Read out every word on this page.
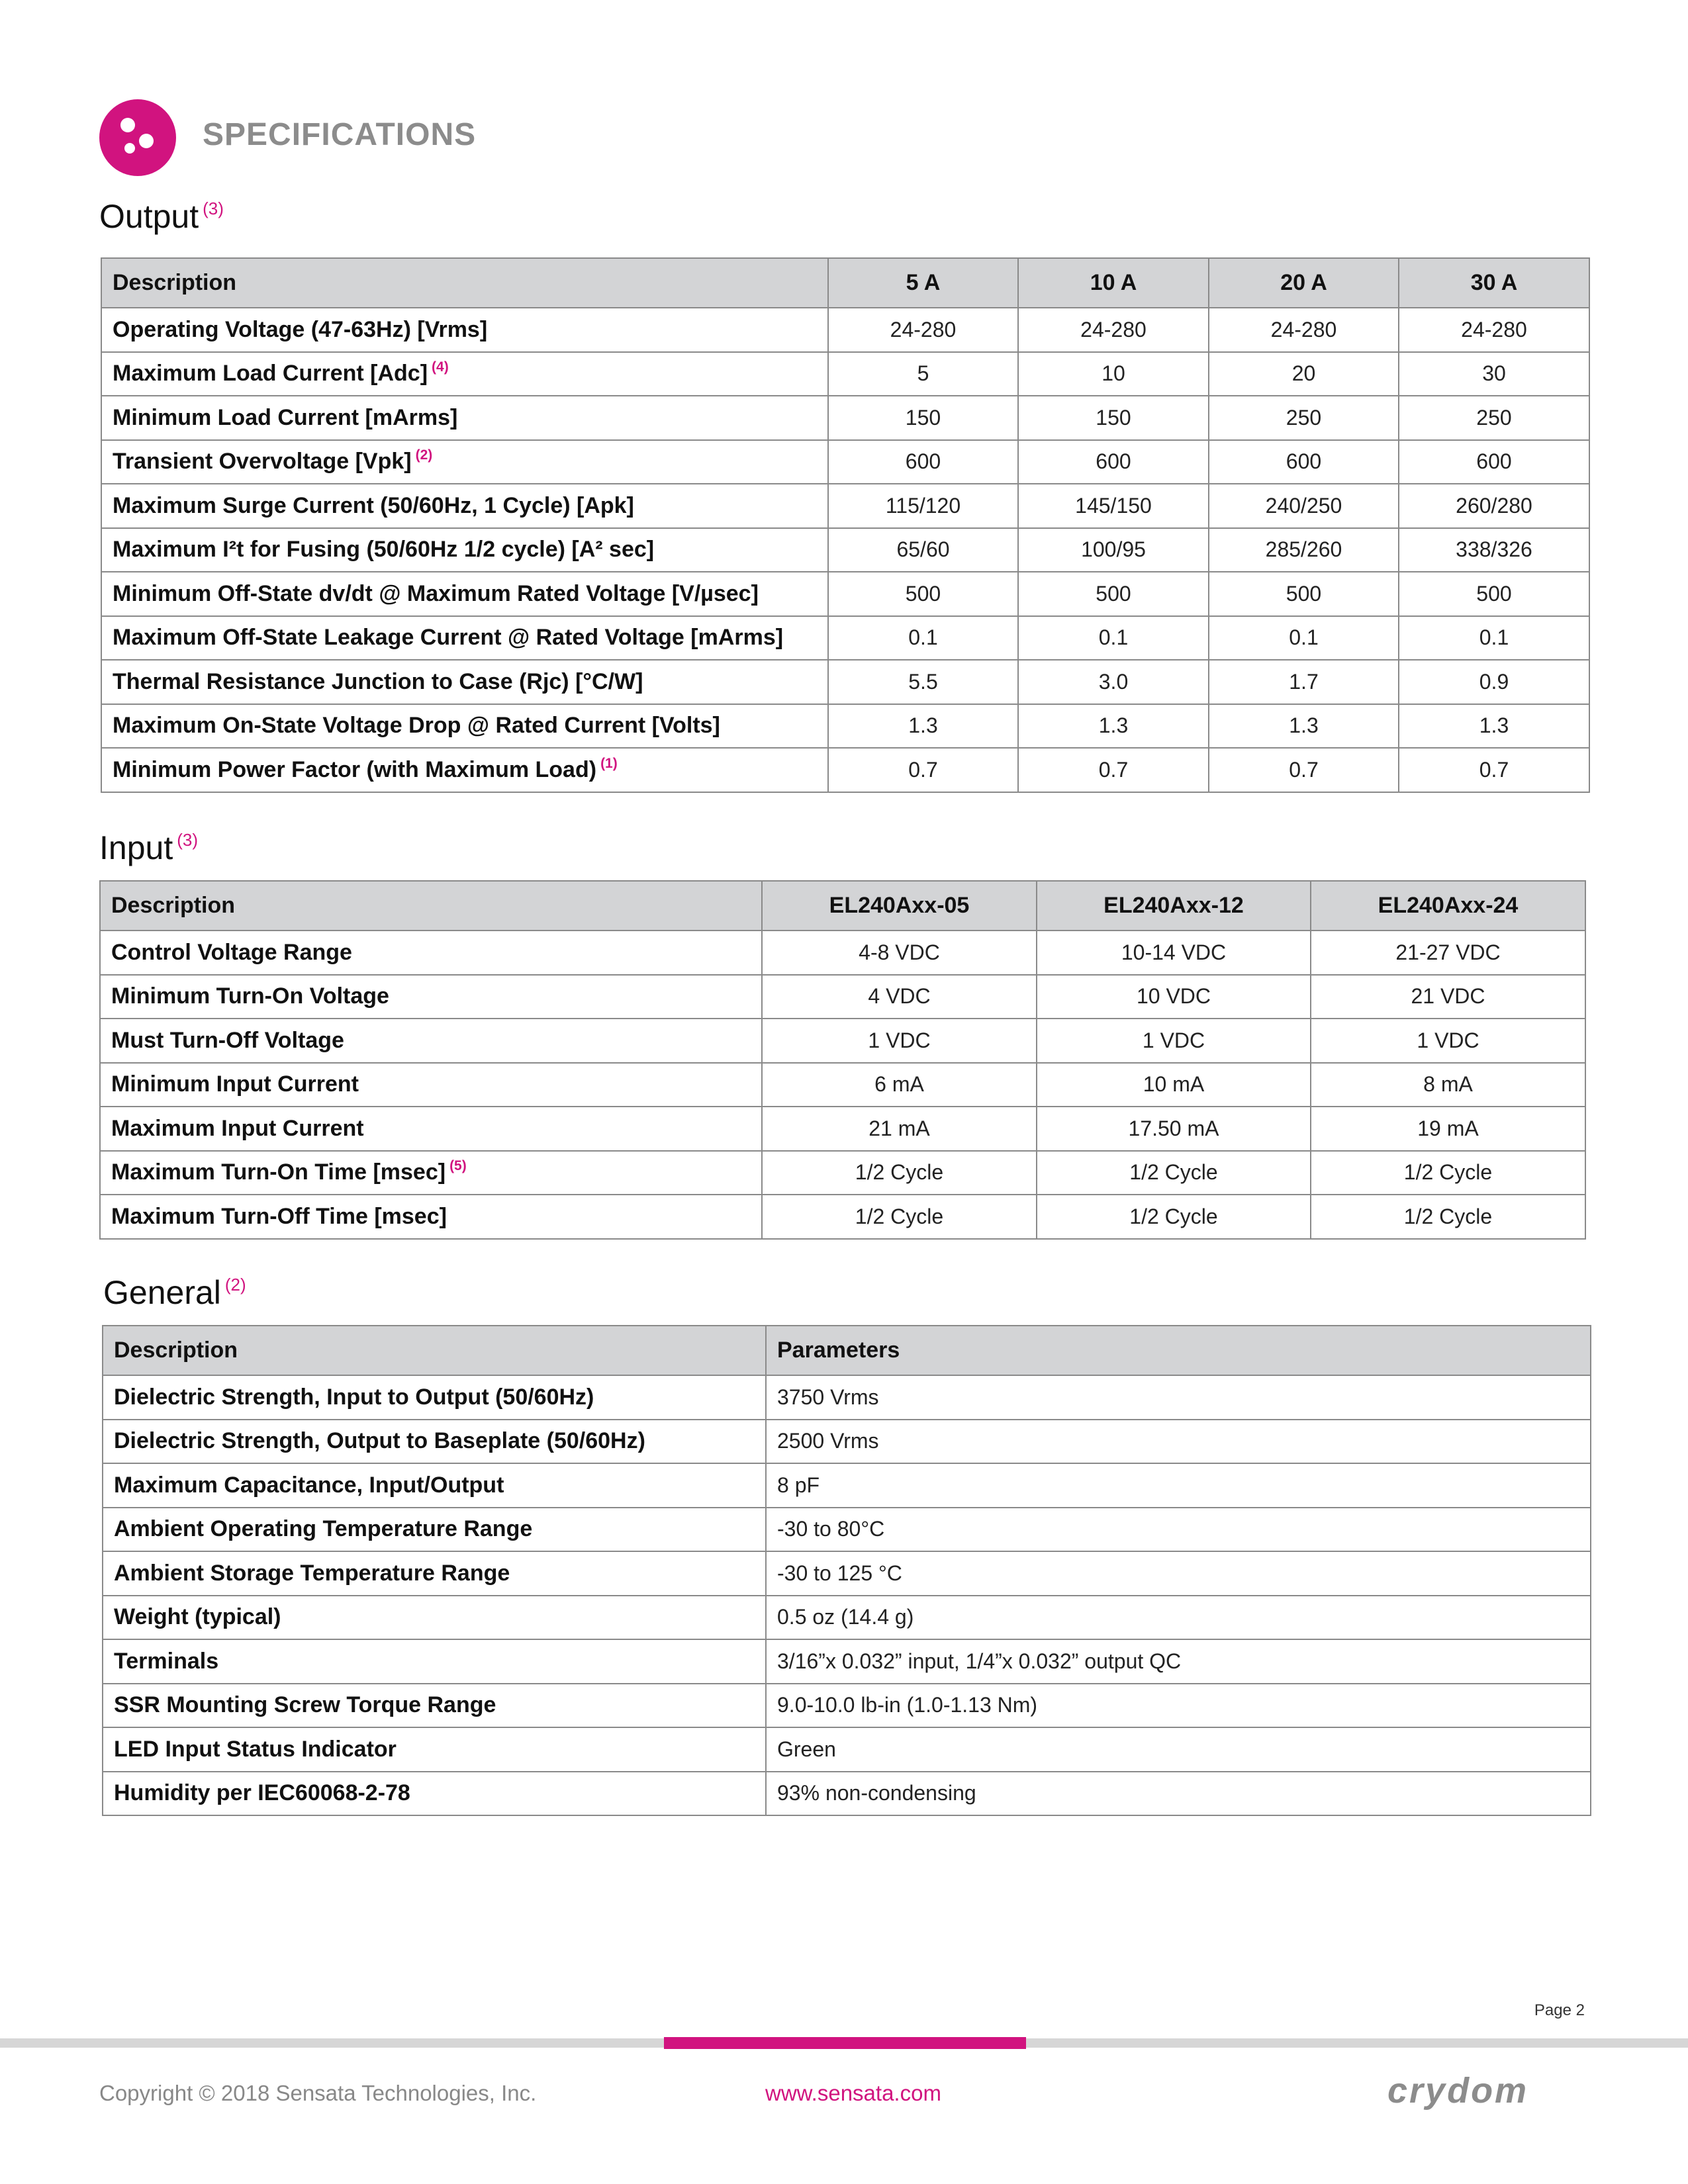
SPECIFICATIONS
Output $^{(3)}$
Description	5 A	10 A	20 A	30 A
Operating Voltage (47-63Hz) [Vrms]	24-280	24-280	24-280	24-280
Maximum Load Current [Adc] $^{(4)}$	5	10	20	30
Minimum Load Current [mArms]	150	150	250	250
Transient Overvoltage [Vpk] $^{(2)}$	600	600	600	600
Maximum Surge Current (50/60Hz, 1 Cycle) [Apk]	115/120	145/150	240/250	260/280
Maximum I²t for Fusing (50/60Hz 1/2 cycle) [A² sec]	65/60	100/95	285/260	338/326
Minimum Off-State dv/dt @ Maximum Rated Voltage [V/µsec]	500	500	500	500
Maximum Off-State Leakage Current @ Rated Voltage [mArms]	0.1	0.1	0.1	0.1
Thermal Resistance Junction to Case (Rjc) [°C/W]	5.5	3.0	1.7	0.9
Maximum On-State Voltage Drop @ Rated Current [Volts]	1.3	1.3	1.3	1.3
Minimum Power Factor (with Maximum Load) $^{(1)}$	0.7	0.7	0.7	0.7
Input $^{(3)}$
Description	EL240Axx-05	EL240Axx-12	EL240Axx-24
Control Voltage Range	4-8 VDC	10-14 VDC	21-27 VDC
Minimum Turn-On Voltage	4 VDC	10 VDC	21 VDC
Must Turn-Off Voltage	1 VDC	1 VDC	1 VDC
Minimum Input Current	6 mA	10 mA	8 mA
Maximum Input Current	21 mA	17.50 mA	19 mA
Maximum Turn-On Time [msec] $^{(5)}$	1/2 Cycle	1/2 Cycle	1/2 Cycle
Maximum Turn-Off Time [msec]	1/2 Cycle	1/2 Cycle	1/2 Cycle
General $^{(2)}$
Description	Parameters
Dielectric Strength, Input to Output (50/60Hz)	3750 Vrms
Dielectric Strength, Output to Baseplate (50/60Hz)	2500 Vrms
Maximum Capacitance, Input/Output	8 pF
Ambient Operating Temperature Range	-30 to 80°C
Ambient Storage Temperature Range	-30 to 125 °C
Weight (typical)	0.5 oz (14.4 g)
Terminals	3/16”x 0.032” input, 1/4”x 0.032” output QC
SSR Mounting Screw Torque Range	9.0-10.0 lb-in (1.0-1.13 Nm)
LED Input Status Indicator	Green
Humidity per IEC60068-2-78	93% non-condensing
Page 2
Copyright © 2018 Sensata Technologies, Inc.	www.sensata.com	crydom
